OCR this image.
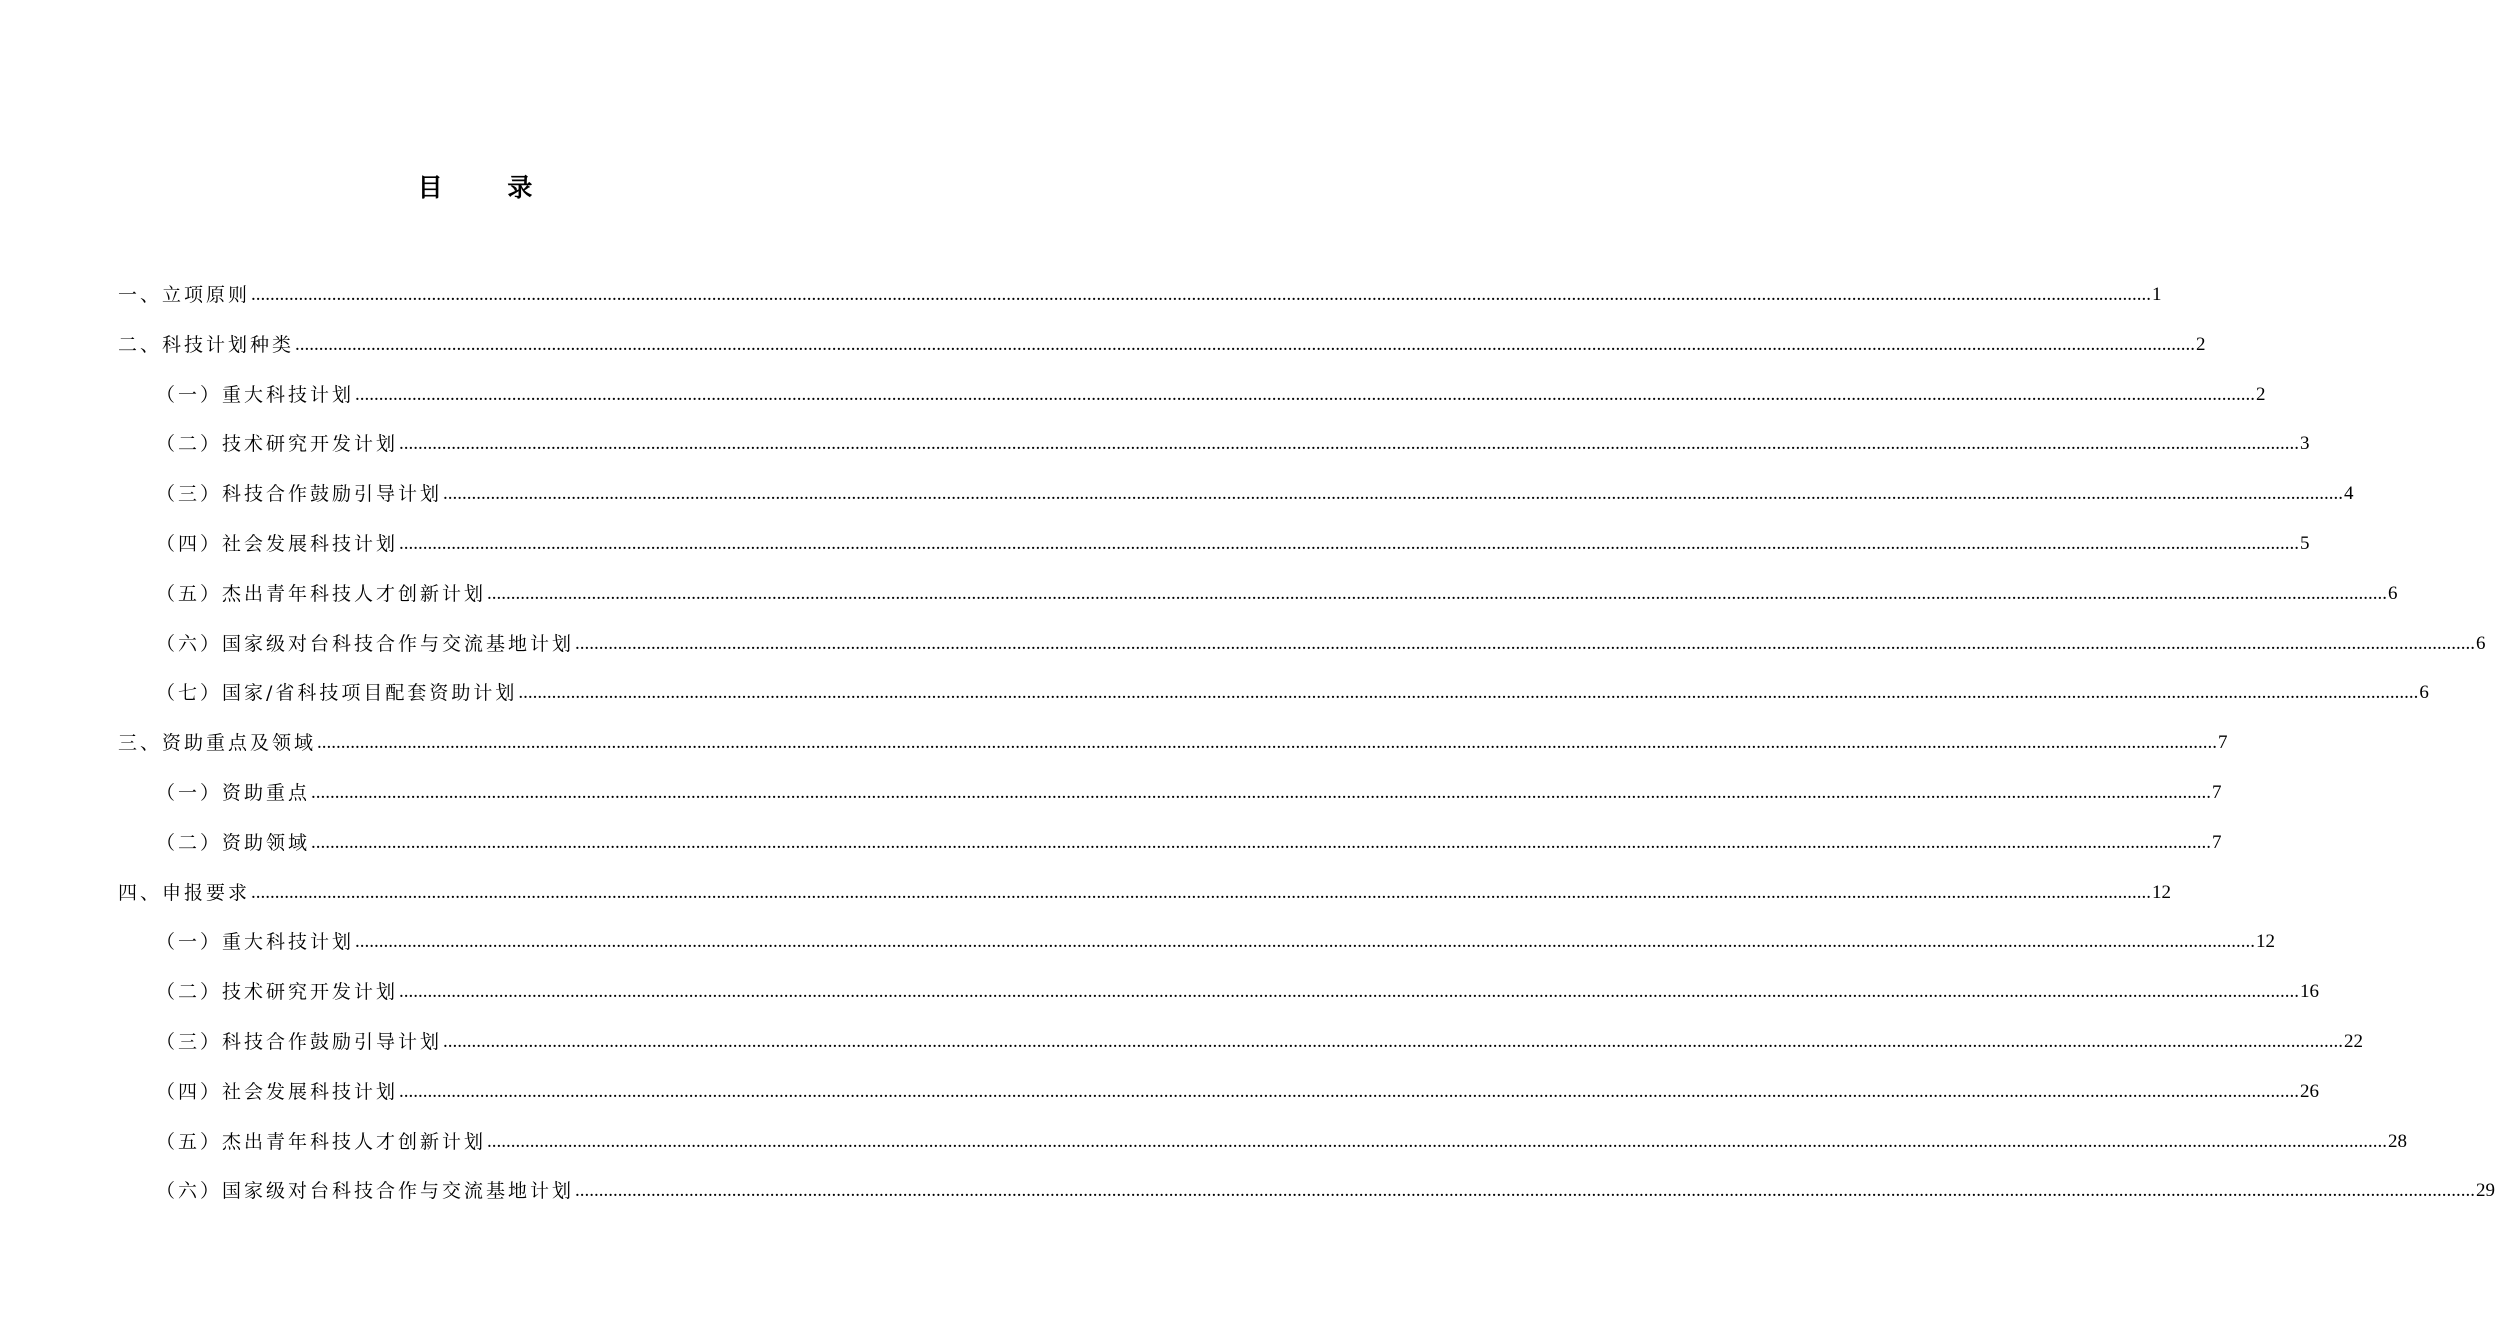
目 录
一、立项原则 ................................................................................................................................................................................................................................................................................................................................................................................................................ 1
二、科技计划种类 ................................................................................................................................................................................................................................................................................................................................................................................................................ 2
（一）重大科技计划 ................................................................................................................................................................................................................................................................................................................................................................................................................ 2
（二）技术研究开发计划 ................................................................................................................................................................................................................................................................................................................................................................................................................ 3
（三）科技合作鼓励引导计划 ................................................................................................................................................................................................................................................................................................................................................................................................................ 4
（四）社会发展科技计划 ................................................................................................................................................................................................................................................................................................................................................................................................................ 5
（五）杰出青年科技人才创新计划 ................................................................................................................................................................................................................................................................................................................................................................................................................ 6
（六）国家级对台科技合作与交流基地计划 ................................................................................................................................................................................................................................................................................................................................................................................................................ 6
（七）国家/省科技项目配套资助计划 ................................................................................................................................................................................................................................................................................................................................................................................................................ 6
三、资助重点及领域 ................................................................................................................................................................................................................................................................................................................................................................................................................ 7
（一）资助重点 ................................................................................................................................................................................................................................................................................................................................................................................................................ 7
（二）资助领域 ................................................................................................................................................................................................................................................................................................................................................................................................................ 7
四、申报要求 ................................................................................................................................................................................................................................................................................................................................................................................................................ 12
（一）重大科技计划 ................................................................................................................................................................................................................................................................................................................................................................................................................ 12
（二）技术研究开发计划 ................................................................................................................................................................................................................................................................................................................................................................................................................ 16
（三）科技合作鼓励引导计划 ................................................................................................................................................................................................................................................................................................................................................................................................................ 22
（四）社会发展科技计划 ................................................................................................................................................................................................................................................................................................................................................................................................................ 26
（五）杰出青年科技人才创新计划 ................................................................................................................................................................................................................................................................................................................................................................................................................ 28
（六）国家级对台科技合作与交流基地计划 ................................................................................................................................................................................................................................................................................................................................................................................................................ 29
